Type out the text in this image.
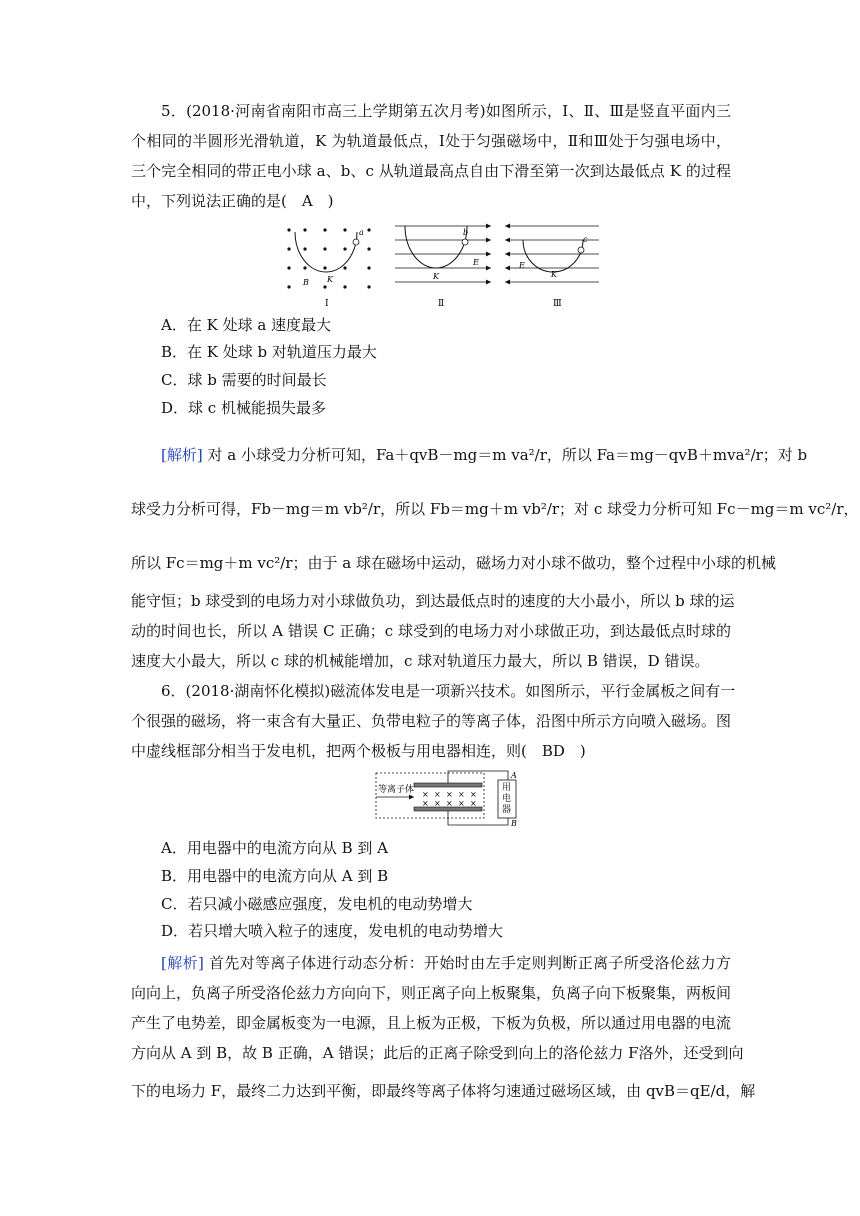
5．(2018·河南省南阳市高三上学期第五次月考)如图所示，Ⅰ、Ⅱ、Ⅲ是竖直平面内三
个相同的半圆形光滑轨道，K 为轨道最低点，Ⅰ处于匀强磁场中，Ⅱ和Ⅲ处于匀强电场中，
三个完全相同的带正电小球 a、b、c 从轨道最高点自由下滑至第一次到达最低点 K 的过程
中，下列说法正确的是(　A　)
a
K
B
Ⅰ
b
K
E
Ⅱ
c
K
E
Ⅲ
A．在 K 处球 a 速度最大
B．在 K 处球 b 对轨道压力最大
C．球 b 需要的时间最长
D．球 c 机械能损失最多
[解析] 对 a 小球受力分析可知，Fa＋qvB－mg＝m va²/r，所以 Fa＝mg－qvB＋mva²/r；对 b
球受力分析可得，Fb－mg＝m vb²/r，所以 Fb＝mg＋m vb²/r；对 c 球受力分析可知 Fc－mg＝m vc²/r，
所以 Fc＝mg＋m vc²/r；由于 a 球在磁场中运动，磁场力对小球不做功，整个过程中小球的机械
能守恒；b 球受到的电场力对小球做负功，到达最低点时的速度的大小最小，所以 b 球的运
动的时间也长，所以 A 错误 C 正确；c 球受到的电场力对小球做正功，到达最低点时球的
速度大小最大，所以 c 球的机械能增加，c 球对轨道压力最大，所以 B 错误，D 错误。
6．(2018·湖南怀化模拟)磁流体发电是一项新兴技术。如图所示，平行金属板之间有一
个很强的磁场，将一束含有大量正、负带电粒子的等离子体，沿图中所示方向喷入磁场。图
中虚线框部分相当于发电机，把两个极板与用电器相连，则(　BD　)
等离子体 × × × × ×
× × × × ×
用
电
器
A
B
A．用电器中的电流方向从 B 到 A
B．用电器中的电流方向从 A 到 B
C．若只减小磁感应强度，发电机的电动势增大
D．若只增大喷入粒子的速度，发电机的电动势增大
[解析] 首先对等离子体进行动态分析：开始时由左手定则判断正离子所受洛伦兹力方
向向上，负离子所受洛伦兹力方向向下，则正离子向上板聚集，负离子向下板聚集，两板间
产生了电势差，即金属板变为一电源，且上板为正极，下板为负极，所以通过用电器的电流
方向从 A 到 B，故 B 正确，A 错误；此后的正离子除受到向上的洛伦兹力 F洛外，还受到向
下的电场力 F，最终二力达到平衡，即最终等离子体将匀速通过磁场区域，由 qvB＝qE/d，解
